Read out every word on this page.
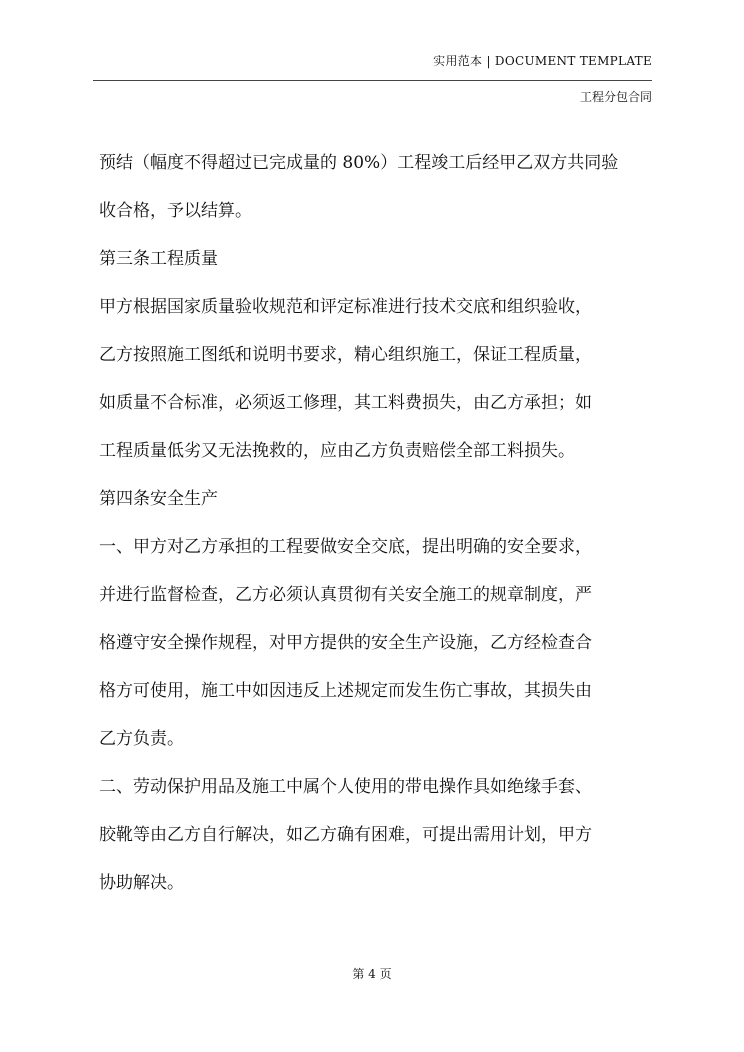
实用范本 | DOCUMENT TEMPLATE
工程分包合同

预结（幅度不得超过已完成量的 80%）工程竣工后经甲乙双方共同验
收合格，予以结算。

第三条工程质量

甲方根据国家质量验收规范和评定标准进行技术交底和组织验收，
乙方按照施工图纸和说明书要求，精心组织施工，保证工程质量，
如质量不合标准，必须返工修理，其工料费损失，由乙方承担；如
工程质量低劣又无法挽救的，应由乙方负责赔偿全部工料损失。

第四条安全生产

一、甲方对乙方承担的工程要做安全交底，提出明确的安全要求，
并进行监督检查，乙方必须认真贯彻有关安全施工的规章制度，严
格遵守安全操作规程，对甲方提供的安全生产设施，乙方经检查合
格方可使用，施工中如因违反上述规定而发生伤亡事故，其损失由
乙方负责。

二、劳动保护用品及施工中属个人使用的带电操作具如绝缘手套、
胶靴等由乙方自行解决，如乙方确有困难，可提出需用计划，甲方
协助解决。

第 4 页
